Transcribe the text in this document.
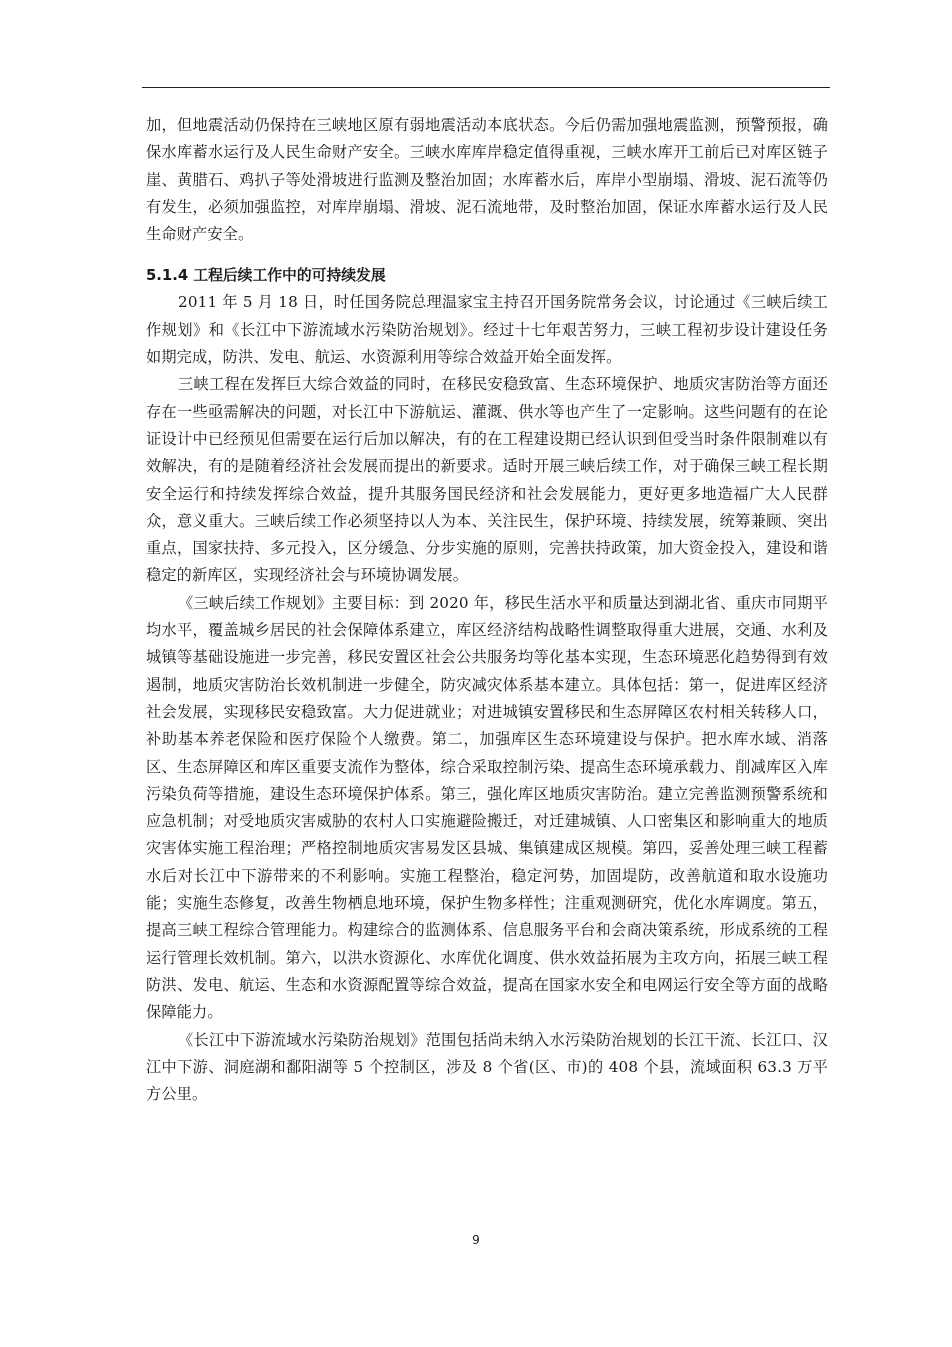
加，但地震活动仍保持在三峡地区原有弱地震活动本底状态。今后仍需加强地震监测，预警预报，确保水库蓄水运行及人民生命财产安全。三峡水库库岸稳定值得重视，三峡水库开工前后已对库区链子崖、黄腊石、鸡扒子等处滑坡进行监测及整治加固；水库蓄水后，库岸小型崩塌、滑坡、泥石流等仍有发生，必须加强监控，对库岸崩塌、滑坡、泥石流地带，及时整治加固，保证水库蓄水运行及人民生命财产安全。

5.1.4 工程后续工作中的可持续发展

2011 年 5 月 18 日，时任国务院总理温家宝主持召开国务院常务会议，讨论通过《三峡后续工作规划》和《长江中下游流域水污染防治规划》。经过十七年艰苦努力，三峡工程初步设计建设任务如期完成，防洪、发电、航运、水资源利用等综合效益开始全面发挥。

三峡工程在发挥巨大综合效益的同时，在移民安稳致富、生态环境保护、地质灾害防治等方面还存在一些亟需解决的问题，对长江中下游航运、灌溉、供水等也产生了一定影响。这些问题有的在论证设计中已经预见但需要在运行后加以解决，有的在工程建设期已经认识到但受当时条件限制难以有效解决，有的是随着经济社会发展而提出的新要求。适时开展三峡后续工作，对于确保三峡工程长期安全运行和持续发挥综合效益，提升其服务国民经济和社会发展能力，更好更多地造福广大人民群众，意义重大。三峡后续工作必须坚持以人为本、关注民生，保护环境、持续发展，统筹兼顾、突出重点，国家扶持、多元投入，区分缓急、分步实施的原则，完善扶持政策，加大资金投入，建设和谐稳定的新库区，实现经济社会与环境协调发展。

《三峡后续工作规划》主要目标：到 2020 年，移民生活水平和质量达到湖北省、重庆市同期平均水平，覆盖城乡居民的社会保障体系建立，库区经济结构战略性调整取得重大进展，交通、水利及城镇等基础设施进一步完善，移民安置区社会公共服务均等化基本实现，生态环境恶化趋势得到有效遏制，地质灾害防治长效机制进一步健全，防灾减灾体系基本建立。具体包括：第一，促进库区经济社会发展，实现移民安稳致富。大力促进就业；对进城镇安置移民和生态屏障区农村相关转移人口，补助基本养老保险和医疗保险个人缴费。第二，加强库区生态环境建设与保护。把水库水域、消落区、生态屏障区和库区重要支流作为整体，综合采取控制污染、提高生态环境承载力、削减库区入库污染负荷等措施，建设生态环境保护体系。第三，强化库区地质灾害防治。建立完善监测预警系统和应急机制；对受地质灾害威胁的农村人口实施避险搬迁，对迁建城镇、人口密集区和影响重大的地质灾害体实施工程治理；严格控制地质灾害易发区县城、集镇建成区规模。第四，妥善处理三峡工程蓄水后对长江中下游带来的不利影响。实施工程整治，稳定河势，加固堤防，改善航道和取水设施功能；实施生态修复，改善生物栖息地环境，保护生物多样性；注重观测研究，优化水库调度。第五，提高三峡工程综合管理能力。构建综合的监测体系、信息服务平台和会商决策系统，形成系统的工程运行管理长效机制。第六，以洪水资源化、水库优化调度、供水效益拓展为主攻方向，拓展三峡工程防洪、发电、航运、生态和水资源配置等综合效益，提高在国家水安全和电网运行安全等方面的战略保障能力。

《长江中下游流域水污染防治规划》范围包括尚未纳入水污染防治规划的长江干流、长江口、汉江中下游、洞庭湖和鄱阳湖等 5 个控制区，涉及 8 个省(区、市)的 408 个县，流域面积 63.3 万平方公里。

9
